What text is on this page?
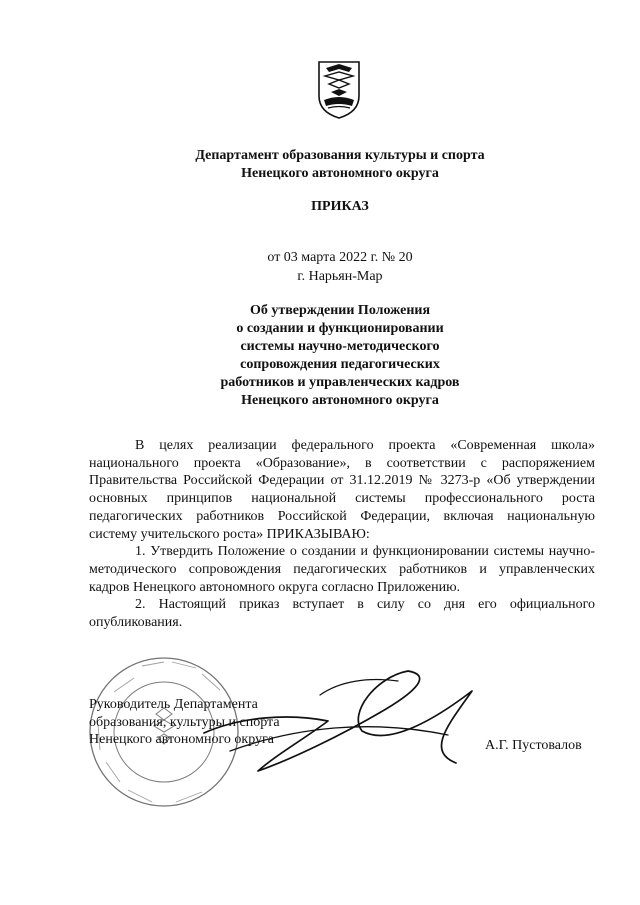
Департамент образования культуры и спорта
Ненецкого автономного округа
ПРИКАЗ
от 03 марта 2022 г. № 20
г. Нарьян-Мар
Об утверждении Положения
о создании и функционировании
системы научно-методического
сопровождения педагогических
работников и управленческих кадров
Ненецкого автономного округа

В целях реализации федерального проекта «Современная школа» национального проекта «Образование», в соответствии с распоряжением Правительства Российской Федерации от 31.12.2019 № 3273-р «Об утверждении основных принципов национальной системы профессионального роста педагогических работников Российской Федерации, включая национальную систему учительского роста» ПРИКАЗЫВАЮ:

1. Утвердить Положение о создании и функционировании системы научно-методического сопровождения педагогических работников и управленческих кадров Ненецкого автономного округа согласно Приложению.

2. Настоящий приказ вступает в силу со дня его официального опубликования.

Руководитель Департамента
образования, культуры и спорта
Ненецкого автономного округа	А.Г. Пустовалов
